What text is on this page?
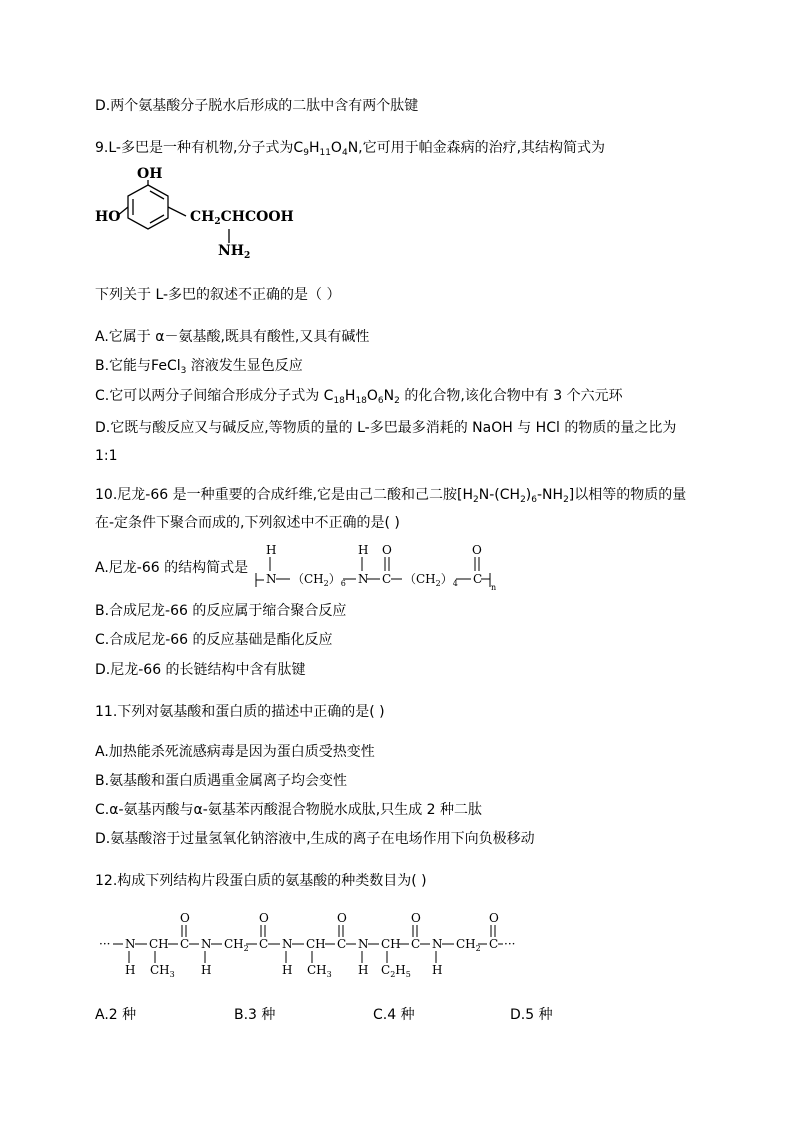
D.两个氨基酸分子脱水后形成的二肽中含有两个肽键
9.L-多巴是一种有机物,分子式为$C_9H_{11}O_4N$,它可用于帕金森病的治疗,其结构简式为
OH
HO	$CH_2CHCOOH$
$NH_2$
下列关于 L-多巴的叙述不正确的是（ ）
A.它属于 α－氨基酸,既具有酸性,又具有碱性
B.它能与FeCl$_3$ 溶液发生显色反应
C.它可以两分子间缩合形成分子式为 $C_{18}H_{18}O_6N_2$ 的化合物,该化合物中有 3 个六元环
D.它既与酸反应又与碱反应,等物质的量的 L-多巴最多消耗的 NaOH 与 HCl 的物质的量之比为
1:1
10.尼龙-66 是一种重要的合成纤维,它是由己二酸和己二胺$[H_2N-(CH_2)_6-NH_2]$以相等的物质的量
在-定条件下聚合而成的,下列叙述中不正确的是( )
A.尼龙-66 的结构简式是
H	H O	O
N $(CH_2)_6$ N C $(CH_2)_4$ C
$_n$
B.合成尼龙-66 的反应属于缩合聚合反应
C.合成尼龙-66 的反应基础是酯化反应
D.尼龙-66 的长链结构中含有肽键
11.下列对氨基酸和蛋白质的描述中正确的是( )
A.加热能杀死流感病毒是因为蛋白质受热变性
B.氨基酸和蛋白质遇重金属离子均会变性
C.α-氨基丙酸与α-氨基苯丙酸混合物脱水成肽,只生成 2 种二肽
D.氨基酸溶于过量氢氧化钠溶液中,生成的离子在电场作用下向负极移动
12.构成下列结构片段蛋白质的氨基酸的种类数目为( )
··· N CH C N $CH_2$ C N CH C N CH C N $CH_2$ C ···
O	O	O	O	O
H $CH_3$ H	H $CH_3$ H $C_2H_5$ H
A.2 种	B.3 种	C.4 种	D.5 种
